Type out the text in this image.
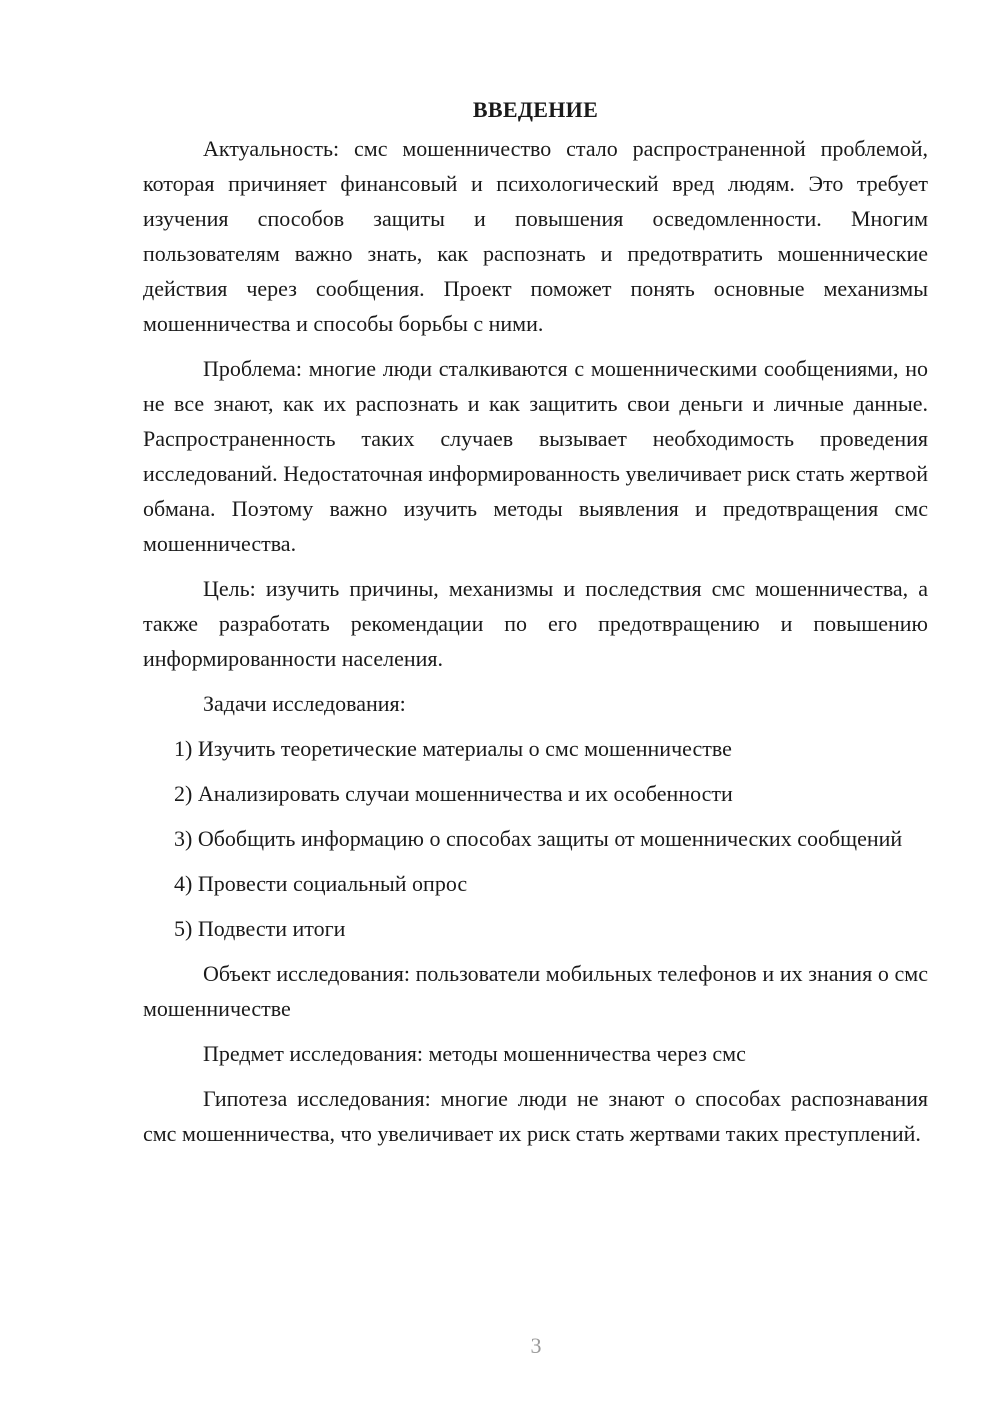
ВВЕДЕНИЕ

Актуальность: смс мошенничество стало распространенной проблемой, которая причиняет финансовый и психологический вред людям. Это требует изучения способов защиты и повышения осведомленности. Многим пользователям важно знать, как распознать и предотвратить мошеннические действия через сообщения. Проект поможет понять основные механизмы мошенничества и способы борьбы с ними.

Проблема: многие люди сталкиваются с мошенническими сообщениями, но не все знают, как их распознать и как защитить свои деньги и личные данные. Распространенность таких случаев вызывает необходимость проведения исследований. Недостаточная информированность увеличивает риск стать жертвой обмана. Поэтому важно изучить методы выявления и предотвращения смс мошенничества.

Цель: изучить причины, механизмы и последствия смс мошенничества, а также разработать рекомендации по его предотвращению и повышению информированности населения.

Задачи исследования:

1) Изучить теоретические материалы о смс мошенничестве

2) Анализировать случаи мошенничества и их особенности

3) Обобщить информацию о способах защиты от мошеннических сообщений

4) Провести социальный опрос

5) Подвести итоги

Объект исследования: пользователи мобильных телефонов и их знания о смс мошенничестве

Предмет исследования: методы мошенничества через смс

Гипотеза исследования: многие люди не знают о способах распознавания смс мошенничества, что увеличивает их риск стать жертвами таких преступлений.

3
